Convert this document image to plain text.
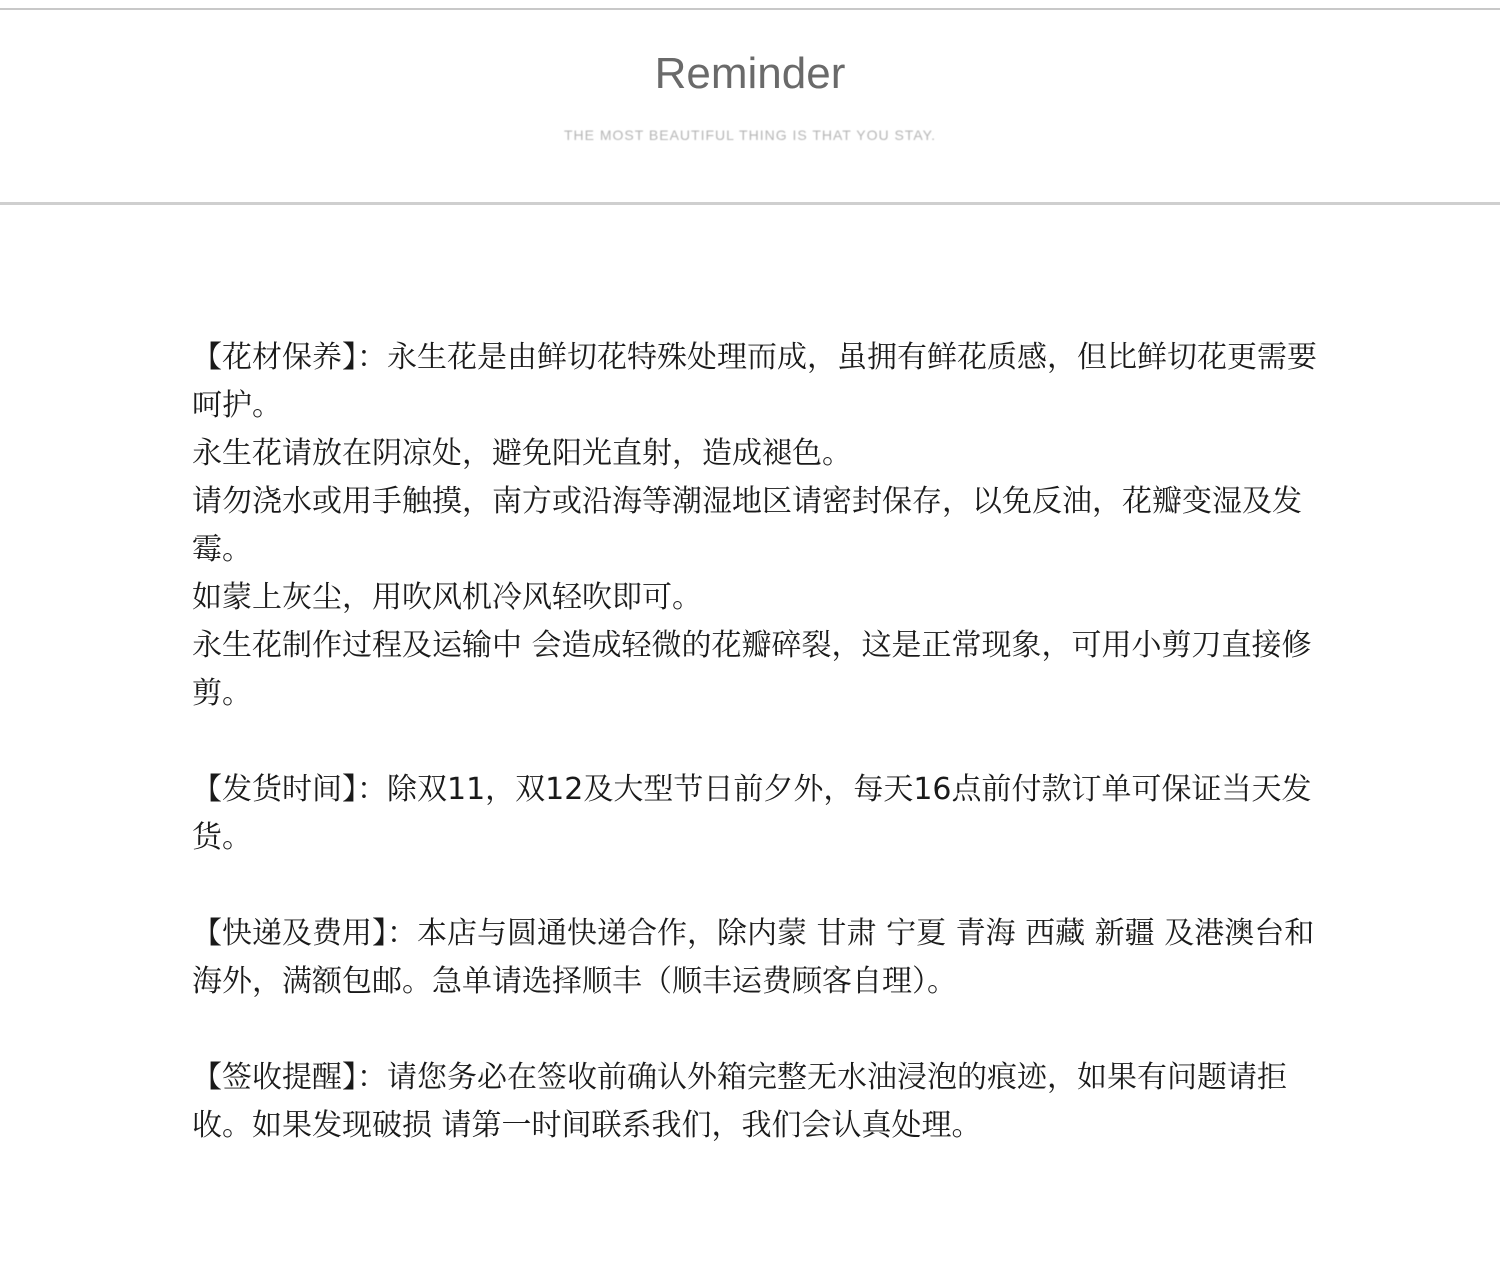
Reminder
THE MOST BEAUTIFUL THING IS THAT YOU STAY.
【花材保养】：永生花是由鲜切花特殊处理而成，虽拥有鲜花质感，但比鲜切花更需要呵护。
永生花请放在阴凉处，避免阳光直射，造成褪色。
请勿浇水或用手触摸，南方或沿海等潮湿地区请密封保存，以免反油，花瓣变湿及发霉。
如蒙上灰尘，用吹风机冷风轻吹即可。
永生花制作过程及运输中 会造成轻微的花瓣碎裂，这是正常现象，可用小剪刀直接修剪。
【发货时间】：除双11，双12及大型节日前夕外，每天16点前付款订单可保证当天发货。
【快递及费用】：本店与圆通快递合作，除内蒙 甘肃 宁夏 青海 西藏 新疆 及港澳台和海外，满额包邮。急单请选择顺丰（顺丰运费顾客自理）。
【签收提醒】：请您务必在签收前确认外箱完整无水油浸泡的痕迹，如果有问题请拒收。如果发现破损 请第一时间联系我们，我们会认真处理。
